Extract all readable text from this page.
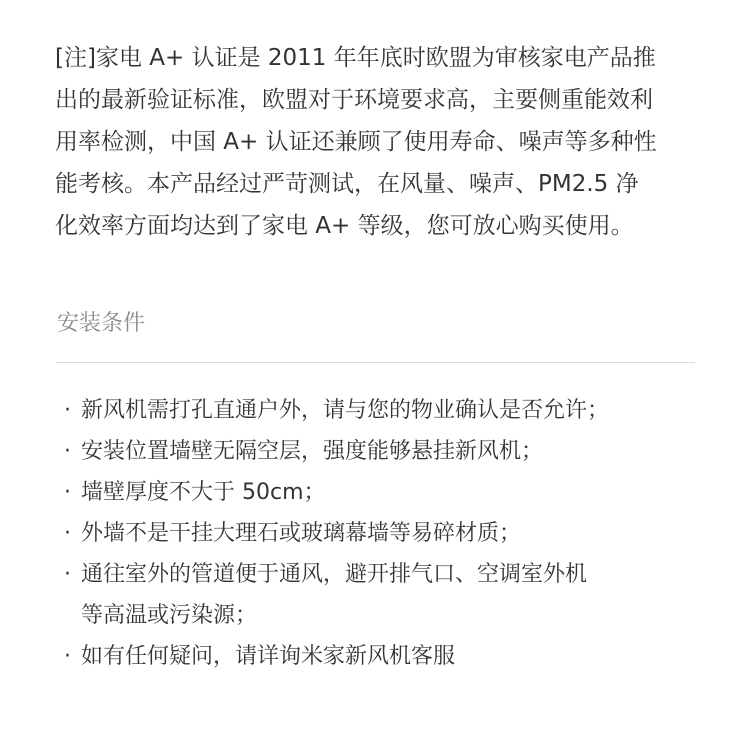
[注]家电 A+ 认证是 2011 年年底时欧盟为审核家电产品推
出的最新验证标准，欧盟对于环境要求高，主要侧重能效利
用率检测，中国 A+ 认证还兼顾了使用寿命、噪声等多种性
能考核。本产品经过严苛测试，在风量、噪声、PM2.5 净
化效率方面均达到了家电 A+ 等级，您可放心购买使用。
安装条件
· 新风机需打孔直通户外，请与您的物业确认是否允许；
· 安装位置墙壁无隔空层，强度能够悬挂新风机；
· 墙壁厚度不大于 50cm；
· 外墙不是干挂大理石或玻璃幕墙等易碎材质；
· 通往室外的管道便于通风，避开排气口、空调室外机
等高温或污染源；
· 如有任何疑问，请详询米家新风机客服
